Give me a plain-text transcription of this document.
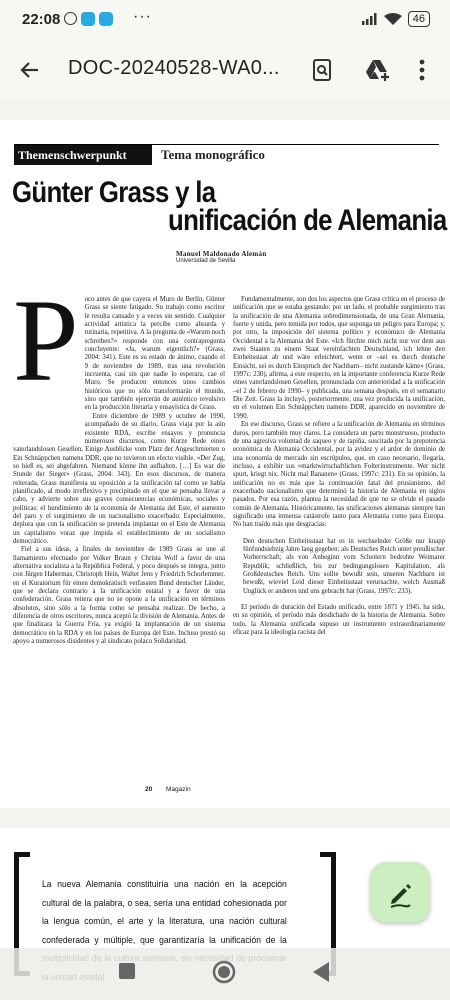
22:08	···	46
DOC-20240528-WA0...
Themenschwerpunkt	Tema monográfico
Günter Grass y la
unificación de Alemania
Manuel Maldonado Alemán
Universidad de Sevilla
P oco antes de que cayera el Muro de Berlín, Günter Grass se siente fatigado. Su trabajo como escritor le resulta cansado y a veces sin sentido. Cualquier actividad artística la percibe como absurda y rutinaria, repetitiva. A la pregunta de «Warum noch schreiben?» responde con una contrapregunta concluyente: «Ja, warum eigentlich?» (Grass, 2004: 341). Este es su estado de ánimo, cuando el 9 de noviembre de 1989, tras una revolución incruenta, casi sin que nadie lo esperara, cae el Muro. Se producen entonces unos cambios históricos que no sólo transformarán el mundo, sino que también ejercerán de auténtico revulsivo en la producción literaria y ensayística de Grass.

Entre diciembre de 1989 y octubre de 1990, acompañado de su diario, Grass viaja por la aún existente RDA, escribe ensayos y pronuncia numerosos discursos, como Kurze Rede eines vaterlandslosen Gesellen, Einige Ausblicke vom Platz der Angeschmierten o Ein Schnäppchen namens DDR, que no tuvieron un efecto visible. «Der Zug, so hieß es, sei abgefahren. Niemand könne ihn aufhalten. […] Es war die Stunde der Sieger» (Grass, 2004: 343). En esos discursos, de manera reiterada, Grass manifiesta su oposición a la unificación tal como se había planificado, al modo irreflexivo y precipitado en el que se pensaba llevar a cabo, y advierte sobre sus graves consecuencias económicas, sociales y políticas: el hundimiento de la economía de Alemania del Este, el aumento del paro y el surgimiento de un nacionalismo exacerbado. Especialmente, deplora que con la unificación se pretenda implantar en el Este de Alemania un capitalismo voraz que impida el establecimiento de un socialismo democrático.

Fiel a sus ideas, a finales de noviembre de 1989 Grass se une al llamamiento efectuado por Volker Braun y Christa Wolf a favor de una alternativa socialista a la República Federal, y poco después se integra, junto con Jürgen Habermas, Christoph Hein, Walter Jens y Friedrich Schorlemmer, en el Kuratorium für einen demokratisch verfassten Bund deutscher Länder, que se declara contrario a la unificación estatal y a favor de una confederación. Grass reitera que no se opone a la unificación en términos absolutos, sino sólo a la forma como se pensaba realizar. De hecho, a diferencia de otros escritores, nunca aceptó la división de Alemania. Antes de que finalizara la Guerra Fría, ya exigió la implantación de un sistema democrático en la RDA y en los países de Europa del Este. Incluso prestó su apoyo a numerosos disidentes y al sindicato polaco Solidaridad.

Fundamentalmente, son dos los aspectos que Grass critica en el proceso de unificación que se estaba gestando: por un lado, el probable surgimiento tras la unificación de una Alemania sobredimensionada, de una Gran Alemania, fuerte y unida, pero temida por todos, que suponga un peligro para Europa; y, por otro, la imposición del sistema político y económico de Alemania Occidental a la Alemania del Este. «Ich fürchte mich nicht nur vor dem aus zwei Staaten zu einem Staat vereinfachten Deutschland, ich lehne den Einheitsstaat ab und wäre erleichtert, wenn er –sei es durch deutsche Einsicht, sei es durch Einspruch der Nachbarn– nicht zustande käme» (Grass, 1997c: 230), afirma, a este respecto, en la importante conferencia Kurze Rede eines vaterlandslosen Gesellen, pronunciada con anterioridad a la unificación –el 2 de febrero de 1990– y publicada, una semana después, en el semanario Die Zeit. Grass la incluyó, posteriormente, una vez producida la unificación, en el volumen Ein Schnäppchen namens DDR, aparecido en noviembre de 1990.

En ese discurso, Grass se refiere a la unificación de Alemania en términos duros, pero también muy claros. La considera un parto monstruoso, producto de una agresiva voluntad de saqueo y de rapiña, suscitada por la prepotencia económica de Alemania Occidental, por la avidez y el ardor de dominio de una economía de mercado sin escrúpulos, que, en caso necesario, llegaría, incluso, a exhibir sus »marktwirtschaftlichen Folterinstrumente. Wer nicht spurt, kriegt nix. Nicht mal Bananen« (Grass, 1997c: 231). En su opinión, la unificación no es más que la continuación fatal del prusianismo, del exacerbado nacionalismo que determinó la historia de Alemania en siglos pasados. Por esa razón, plantea la necesidad de que no se olvide el pasado común de Alemania. Históricamente, las unificaciones alemanas siempre han significado una inmensa catástrofe tanto para Alemania como para Europa. No han traído más que desgracias:

Den deutschen Einheitsstaat hat es in wechselnder Größe nur knapp fünfundsiebzig Jahre lang gegeben: als Deutsches Reich unter preußischer Vorherrschaft; als von Anbeginn vom Scheitern bedrohte Weimarer Republik; schließlich, bis zur bedingungslosen Kapitulation, als Großdeutsches Reich. Uns sollte bewußt sein, unseren Nachbarn ist bewußt, wieviel Leid dieser Einheitsstaat verursachte, welch Ausmaß Unglück er anderen und uns gebracht hat (Grass, 1997c: 233).

El período de duración del Estado unificado, entre 1871 y 1945, ha sido, en su opinión, el período más desdichado de la historia de Alemania. Sobre todo, la Alemania unificada supuso un instrumento extraordinariamente eficaz para la ideología racista del

20 Magazin
La nueva Alemania constituiría una nación en la acepción cultural de la palabra, o sea, sería una entidad cohesionada por la lengua común, el arte y la literatura, una nación cultural confederada y múltiple, que garantizaría la unificación de la
